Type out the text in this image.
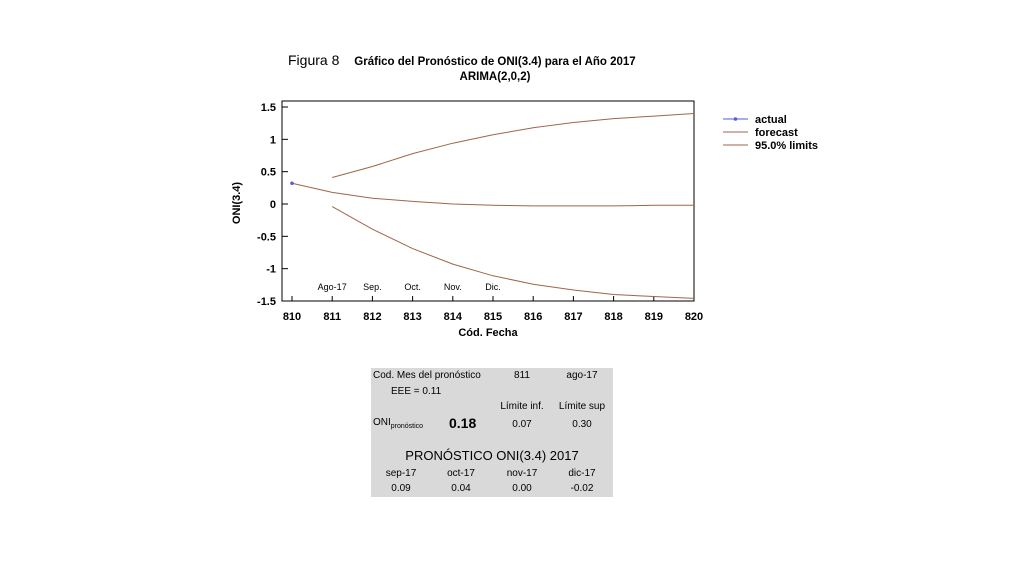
Figura 8 Gráfico del Pronóstico de ONI(3.4) para el Año 2017
ARIMA(2,0,2)
1.5
1
0.5
0
-0.5
-1
-1.5
810 811 812 813 814 815 816 817 818 819 820
Ago-17 Sep.	Oct.	Nov.	Dic.
Cód. Fecha
ONI(3.4)
actual
forecast
95.0% limits
Cod. Mes del pronóstico	811	ago-17
EEE = 0.11
Límite inf.	Límite sup
$ONI_{pronóstico}$ 0.18	0.07	0.30
PRONÓSTICO ONI(3.4) 2017
sep-17	oct-17	nov-17	dic-17
0.09	0.04	0.00	-0.02
